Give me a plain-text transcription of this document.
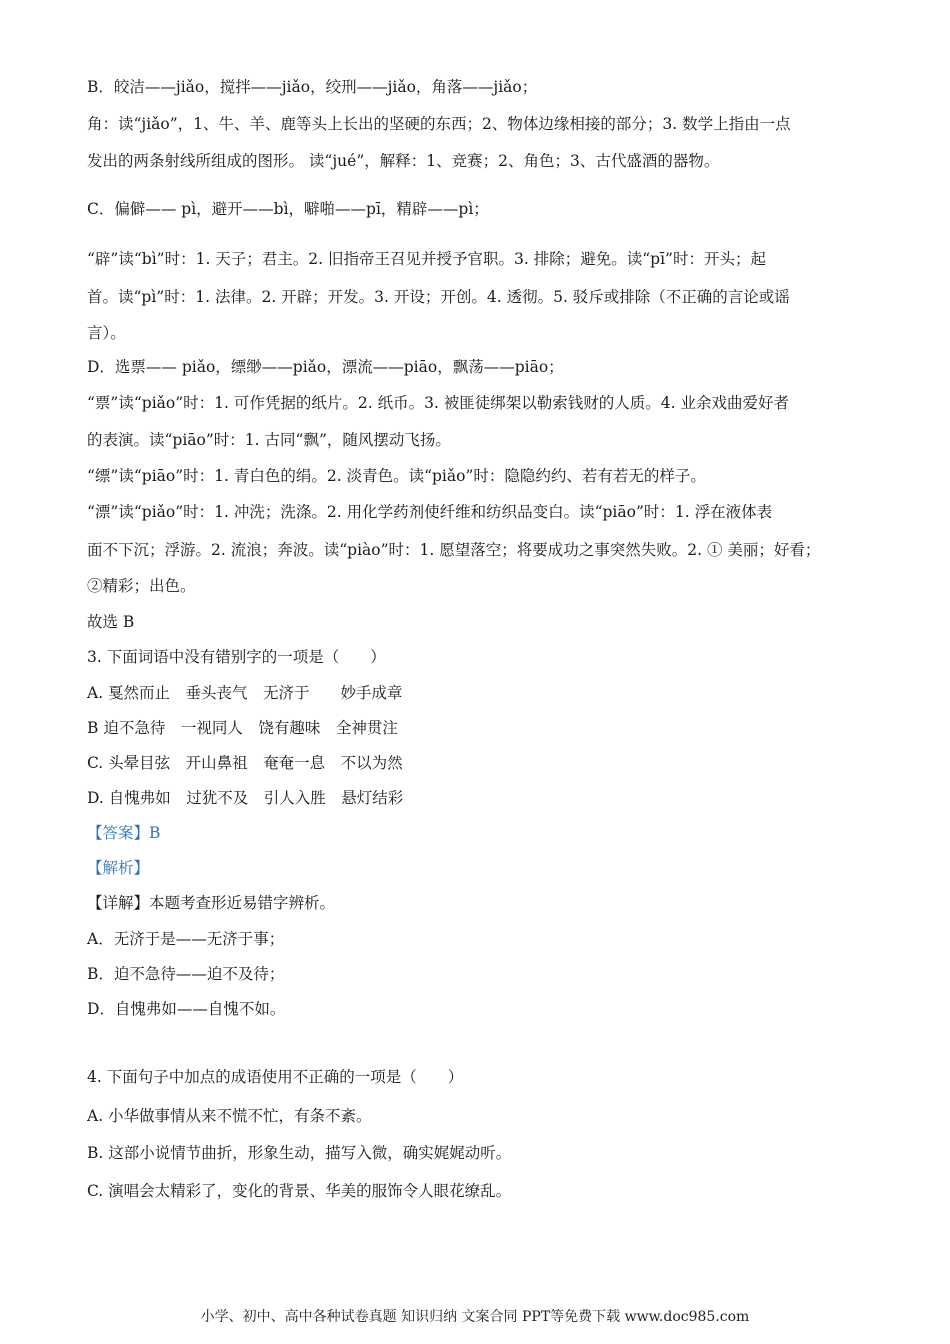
B．皎洁——jiǎo，搅拌——jiǎo，绞刑——jiǎo，角落——jiǎo；
角：读“jiǎo”，1、牛、羊、鹿等头上长出的坚硬的东西；2、物体边缘相接的部分；3. 数学上指由一点
发出的两条射线所组成的图形。 读“jué”，解释：1、竞赛；2、角色；3、古代盛酒的器物。
C．偏僻—— pì，避开——bì，噼啪——pī，精辟——pì；
“辟”读“bì”时：1. 天子；君主。2. 旧指帝王召见并授予官职。3. 排除；避免。读“pī”时：开头；起
首。读“pì”时：1. 法律。2. 开辟；开发。3. 开设；开创。4. 透彻。5. 驳斥或排除（不正确的言论或谣
言）。
D．选票—— piǎo，缥缈——piǎo，漂流——piāo，飘荡——piāo；
“票”读“piǎo”时：1. 可作凭据的纸片。2. 纸币。3. 被匪徒绑架以勒索钱财的人质。4. 业余戏曲爱好者
的表演。读“piāo”时：1. 古同“飘”，随风摆动飞扬。
“缥”读“piāo”时：1. 青白色的绢。2. 淡青色。读“piǎo”时：隐隐约约、若有若无的样子。
“漂”读“piǎo”时：1. 冲洗；洗涤。2. 用化学药剂使纤维和纺织品变白。读“piāo”时：1. 浮在液体表
面不下沉；浮游。2. 流浪；奔波。读“piào”时：1. 愿望落空；将要成功之事突然失败。2. ① 美丽；好看；
②精彩；出色。
故选 B
3. 下面词语中没有错别字的一项是（　　）
A. 戛然而止　垂头丧气　无济于　　妙手成章
B 迫不急待　一视同人　饶有趣味　全神贯注
C. 头晕目弦　开山鼻祖　奄奄一息　不以为然
D. 自愧弗如　过犹不及　引人入胜　悬灯结彩
【答案】B
【解析】
【详解】本题考查形近易错字辨析。
A．无济于是——无济于事；
B．迫不急待——迫不及待；
D．自愧弗如——自愧不如。
4. 下面句子中加点的成语使用不正确的一项是（　　）
A. 小华做事情从来不慌不忙，有条不紊。
B. 这部小说情节曲折，形象生动，描写入微，确实娓娓动听。
C. 演唱会太精彩了，变化的背景、华美的服饰令人眼花缭乱。
小学、初中、高中各种试卷真题 知识归纳 文案合同 PPT等免费下载 www.doc985.com
